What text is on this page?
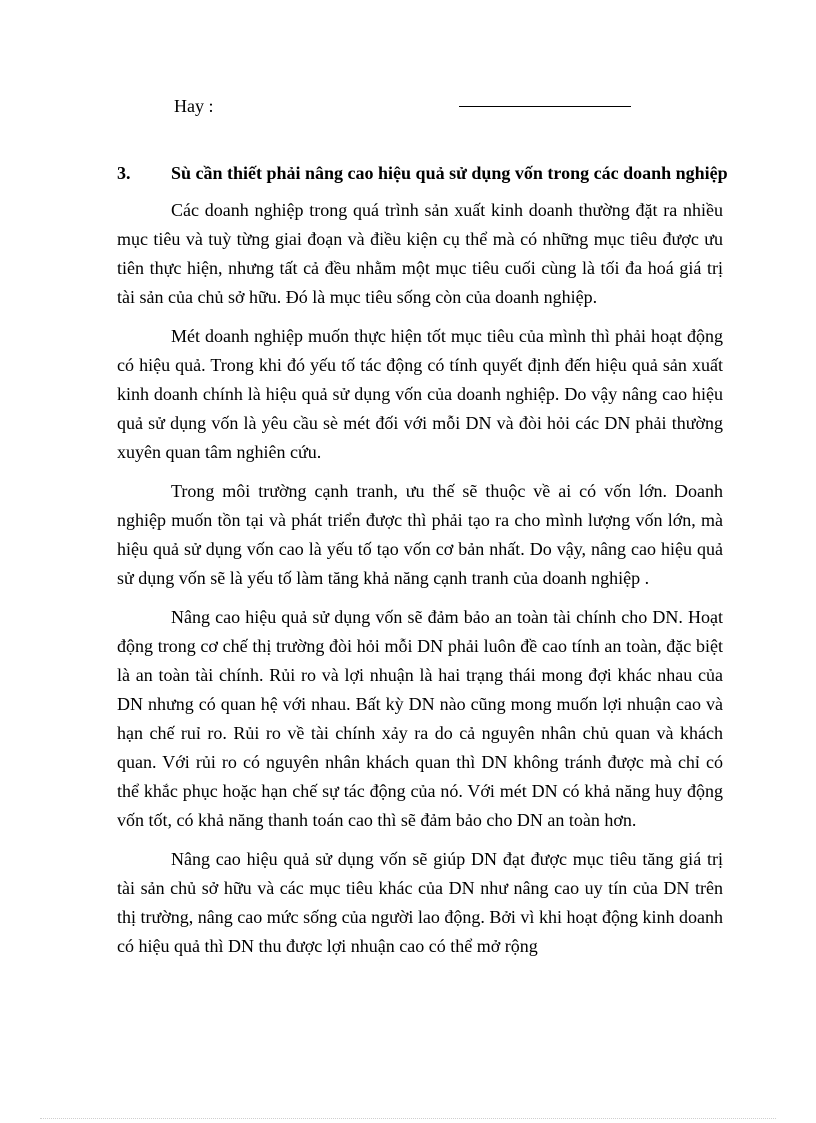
Hay :
3. Sù cần thiết phải nâng cao hiệu quả sử dụng vốn trong các doanh nghiệp

Các doanh nghiệp trong quá trình sản xuất kinh doanh thường đặt ra nhiều mục tiêu và tuỳ từng giai đoạn và điều kiện cụ thể mà có những mục tiêu được ưu tiên thực hiện, nhưng tất cả đều nhằm một mục tiêu cuối cùng là tối đa hoá giá trị tài sản của chủ sở hữu. Đó là mục tiêu sống còn của doanh nghiệp.

Mét doanh nghiệp muốn thực hiện tốt mục tiêu của mình thì phải hoạt động có hiệu quả. Trong khi đó yếu tố tác động có tính quyết định đến hiệu quả sản xuất kinh doanh chính là hiệu quả sử dụng vốn của doanh nghiệp. Do vậy nâng cao hiệu quả sử dụng vốn là yêu cầu sè mét đối với mỗi DN và đòi hỏi các DN phải thường xuyên quan tâm nghiên cứu.

Trong môi trường cạnh tranh, ưu thế sẽ thuộc về ai có vốn lớn. Doanh nghiệp muốn tồn tại và phát triển được thì phải tạo ra cho mình lượng vốn lớn, mà hiệu quả sử dụng vốn cao là yếu tố tạo vốn cơ bản nhất. Do vậy, nâng cao hiệu quả sử dụng vốn sẽ là yếu tố làm tăng khả năng cạnh tranh của doanh nghiệp .

Nâng cao hiệu quả sử dụng vốn sẽ đảm bảo an toàn tài chính cho DN. Hoạt động trong cơ chế thị trường đòi hỏi mỗi DN phải luôn đề cao tính an toàn, đặc biệt là an toàn tài chính. Rủi ro và lợi nhuận là hai trạng thái mong đợi khác nhau của DN nhưng có quan hệ với nhau. Bất kỳ DN nào cũng mong muốn lợi nhuận cao và hạn chế ruỉ ro. Rủi ro về tài chính xảy ra do cả nguyên nhân chủ quan và khách quan. Với rủi ro có nguyên nhân khách quan thì DN không tránh được mà chỉ có thể khắc phục hoặc hạn chế sự tác động của nó. Với mét DN có khả năng huy động vốn tốt, có khả năng thanh toán cao thì sẽ đảm bảo cho DN an toàn hơn.

Nâng cao hiệu quả sử dụng vốn sẽ giúp DN đạt được mục tiêu tăng giá trị tài sản chủ sở hữu và các mục tiêu khác của DN như nâng cao uy tín của DN trên thị trường, nâng cao mức sống của người lao động. Bởi vì khi hoạt động kinh doanh có hiệu quả thì DN thu được lợi nhuận cao có thể mở rộng
